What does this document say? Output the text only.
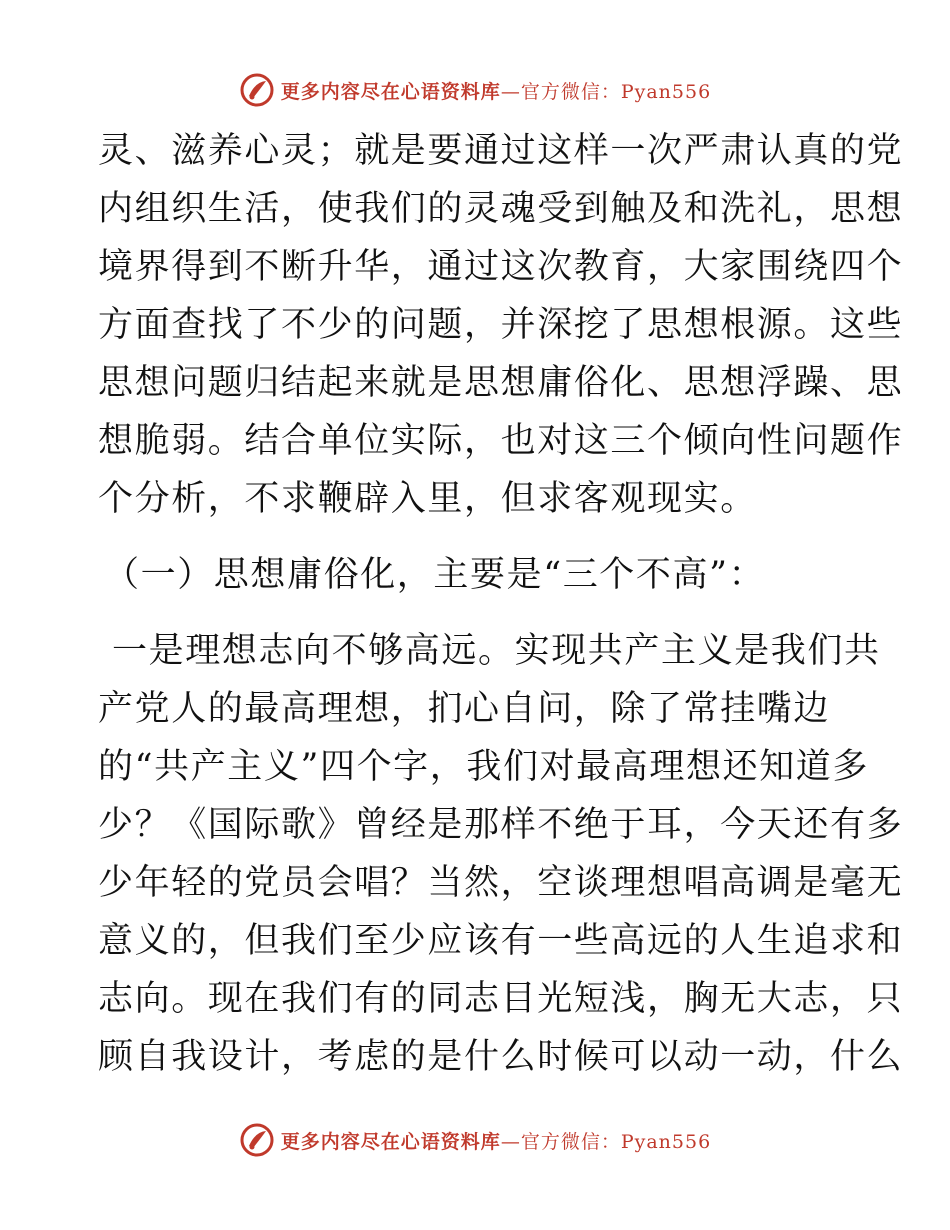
更多内容尽在心语资料库—官方微信：Pyan556
灵、滋养心灵；就是要通过这样一次严肃认真的党
内组织生活，使我们的灵魂受到触及和洗礼，思想
境界得到不断升华，通过这次教育，大家围绕四个
方面查找了不少的问题，并深挖了思想根源。这些
思想问题归结起来就是思想庸俗化、思想浮躁、思
想脆弱。结合单位实际，也对这三个倾向性问题作
个分析，不求鞭辟入里，但求客观现实。
（一）思想庸俗化，主要是“三个不高”：
一是理想志向不够高远。实现共产主义是我们共
产党人的最高理想，扪心自问，除了常挂嘴边
的“共产主义”四个字，我们对最高理想还知道多
少？《国际歌》曾经是那样不绝于耳，今天还有多
少年轻的党员会唱？当然，空谈理想唱高调是毫无
意义的，但我们至少应该有一些高远的人生追求和
志向。现在我们有的同志目光短浅，胸无大志，只
顾自我设计，考虑的是什么时候可以动一动，什么
更多内容尽在心语资料库—官方微信：Pyan556
